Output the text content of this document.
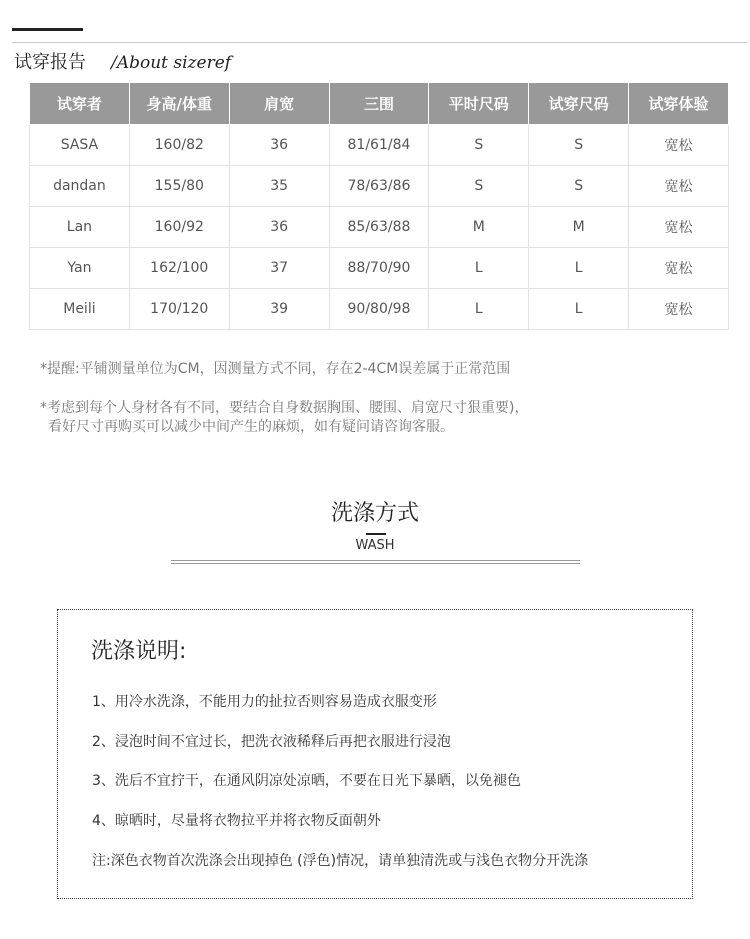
试穿报告 /About sizeref
试穿者	身高/体重	肩宽	三围	平时尺码	试穿尺码	试穿体验
SASA	160/82	36	81/61/84	S	S	宽松
dandan	155/80	35	78/63/86	S	S	宽松
Lan	160/92	36	85/63/88	M	M	宽松
Yan	162/100	37	88/70/90	L	L	宽松
Meili	170/120	39	90/80/98	L	L	宽松
*提醒:平铺测量单位为CM，因测量方式不同，存在2-4CM误差属于正常范围
*考虑到每个人身材各有不同，要结合自身数据胸围、腰围、肩宽尺寸狠重要)，
看好尺寸再购买可以减少中间产生的麻烦，如有疑问请咨询客服。
洗涤方式
WASH
洗涤说明:
1、用冷水洗涤，不能用力的扯拉否则容易造成衣服变形
2、浸泡时间不宜过长，把洗衣液稀释后再把衣服进行浸泡
3、洗后不宜拧干，在通风阴凉处凉晒，不要在日光下暴晒，以免褪色
4、晾晒时，尽量将衣物拉平并将衣物反面朝外
注:深色衣物首次洗涤会出现掉色 (浮色)情况，请单独清洗或与浅色衣物分开洗涤
